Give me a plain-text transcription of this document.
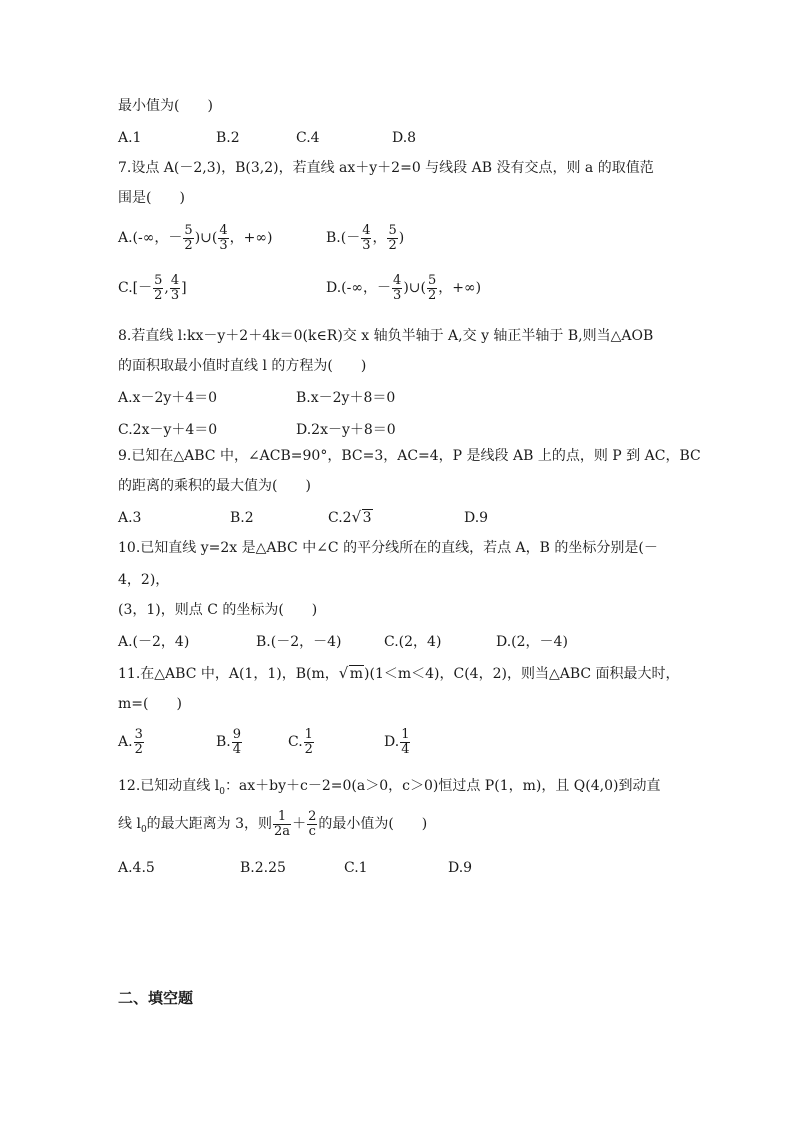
最小值为(　　)
A.1	B.2	C.4	D.8
7.设点 A(－2,3)，B(3,2)，若直线 ax＋y＋2=0 与线段 AB 没有交点，则 a 的取值范
围是(　　)
A.(-∞，－ $\frac{5}{2}$ )∪( $\frac{4}{3}$ ，+∞)	$B.(- \frac{4}{3}$ ， $\frac{5}{2}$ )
$C.[- \frac{5}{2}$ , $\frac{4}{3}$ ]	D.(-∞，－ $\frac{4}{3}$ )∪( $\frac{5}{2}$ ，+∞)
8.若直线 l:kx－y＋2＋4k＝0(k∈R)交 x 轴负半轴于 A,交 y 轴正半轴于 B,则当△AOB
的面积取最小值时直线 l 的方程为(　　)
A.x－2y＋4＝0	B.x－2y＋8＝0
C.2x－y＋4＝0	D.2x－y＋8＝0
9.已知在△ABC 中，∠ACB=90°，BC=3，AC=4，P 是线段 AB 上的点，则 P 到 AC，BC
的距离的乘积的最大值为(　　)
A.3	B.2	C.2 √ 3	D.9
10.已知直线 y=2x 是△ABC 中∠C 的平分线所在的直线，若点 A，B 的坐标分别是(－
4，2)，
(3，1)，则点 C 的坐标为(　　)
A.(－2，4)	B.(－2，－4)	C.(2，4)	D.(2，－4)
11.在△ABC 中，A(1，1)，B(m， √ m)(1＜m＜4)，C(4，2)，则当△ABC 面积最大时，
m=(　　)
A. $\frac{3}{2}$	B. $\frac{9}{4}$	C. $\frac{1}{2}$	D. $\frac{1}{4}$
12.已知动直线 $l_0$：ax＋by＋c－2=0(a＞0，c＞0)恒过点 P(1，m)，且 Q(4,0)到动直
线 $l_0$的最大距离为 3，则 $\frac{1}{2a} + \frac{2}{c}$ 的最小值为(　　)
A.4.5	B.2.25	C.1	D.9
二、填空题
